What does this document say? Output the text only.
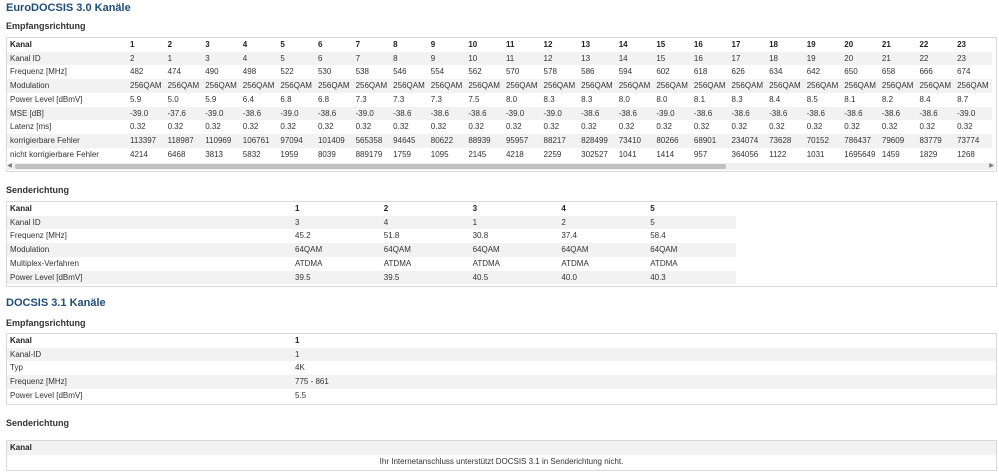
EuroDOCSIS 3.0 Kanäle
Empfangsrichtung
Kanal	1	2	3	4	5	6	7	8	9	10	11	12	13	14	15	16	17	18	19	20	21	22	23
Kanal ID	2	1	3	4	5	6	7	8	9	10	11	12	13	14	15	16	17	18	19	20	21	22	23
Frequenz [MHz]	482	474	490	498	522	530	538	546	554	562	570	578	586	594	602	618	626	634	642	650	658	666	674
Modulation	256QAM	256QAM	256QAM	256QAM	256QAM	256QAM	256QAM	256QAM	256QAM	256QAM	256QAM	256QAM	256QAM	256QAM	256QAM	256QAM	256QAM	256QAM	256QAM	256QAM	256QAM	256QAM	256QAM
Power Level [dBmV]	5.9	5.0	5.9	6.4	6.8	6.8	7.3	7.3	7.3	7.5	8.0	8.3	8.3	8.0	8.0	8.1	8.3	8.4	8.5	8.1	8.2	8.4	8.7
MSE [dB]	-39.0	-37.6	-39.0	-38.6	-39.0	-38.6	-39.0	-38.6	-38.6	-38.6	-39.0	-39.0	-38.6	-38.6	-39.0	-38.6	-38.6	-38.6	-38.6	-38.6	-38.6	-38.6	-39.0
Latenz [ms]	0.32	0.32	0.32	0.32	0.32	0.32	0.32	0.32	0.32	0.32	0.32	0.32	0.32	0.32	0.32	0.32	0.32	0.32	0.32	0.32	0.32	0.32	0.32
korrigierbare Fehler	113397	118987	110969	106761	97094	101409	565358	94645	80622	88939	95957	88217	828499	73410	80266	68901	234074	73628	70152	786437	79609	83779	73774
nicht korrigierbare Fehler	4214	6468	3813	5832	1959	8039	889179	1759	1095	2145	4218	2259	302527	1041	1414	957	364056	1122	1031	1695649	1459	1829	1268
◀	▶
Senderichtung
Kanal	1	2	3	4	5
Kanal ID	3	4	1	2	5
Frequenz [MHz]	45.2	51.8	30.8	37.4	58.4
Modulation	64QAM	64QAM	64QAM	64QAM	64QAM
Multiplex-Verfahren	ATDMA	ATDMA	ATDMA	ATDMA	ATDMA
Power Level [dBmV]	39.5	39.5	40.5	40.0	40.3
DOCSIS 3.1 Kanäle
Empfangsrichtung
Kanal	1
Kanal-ID	1
Typ	4K
Frequenz [MHz]	775 - 861
Power Level [dBmV]	5.5
Senderichtung
Kanal
Ihr Internetanschluss unterstützt DOCSIS 3.1 in Senderichtung nicht.
